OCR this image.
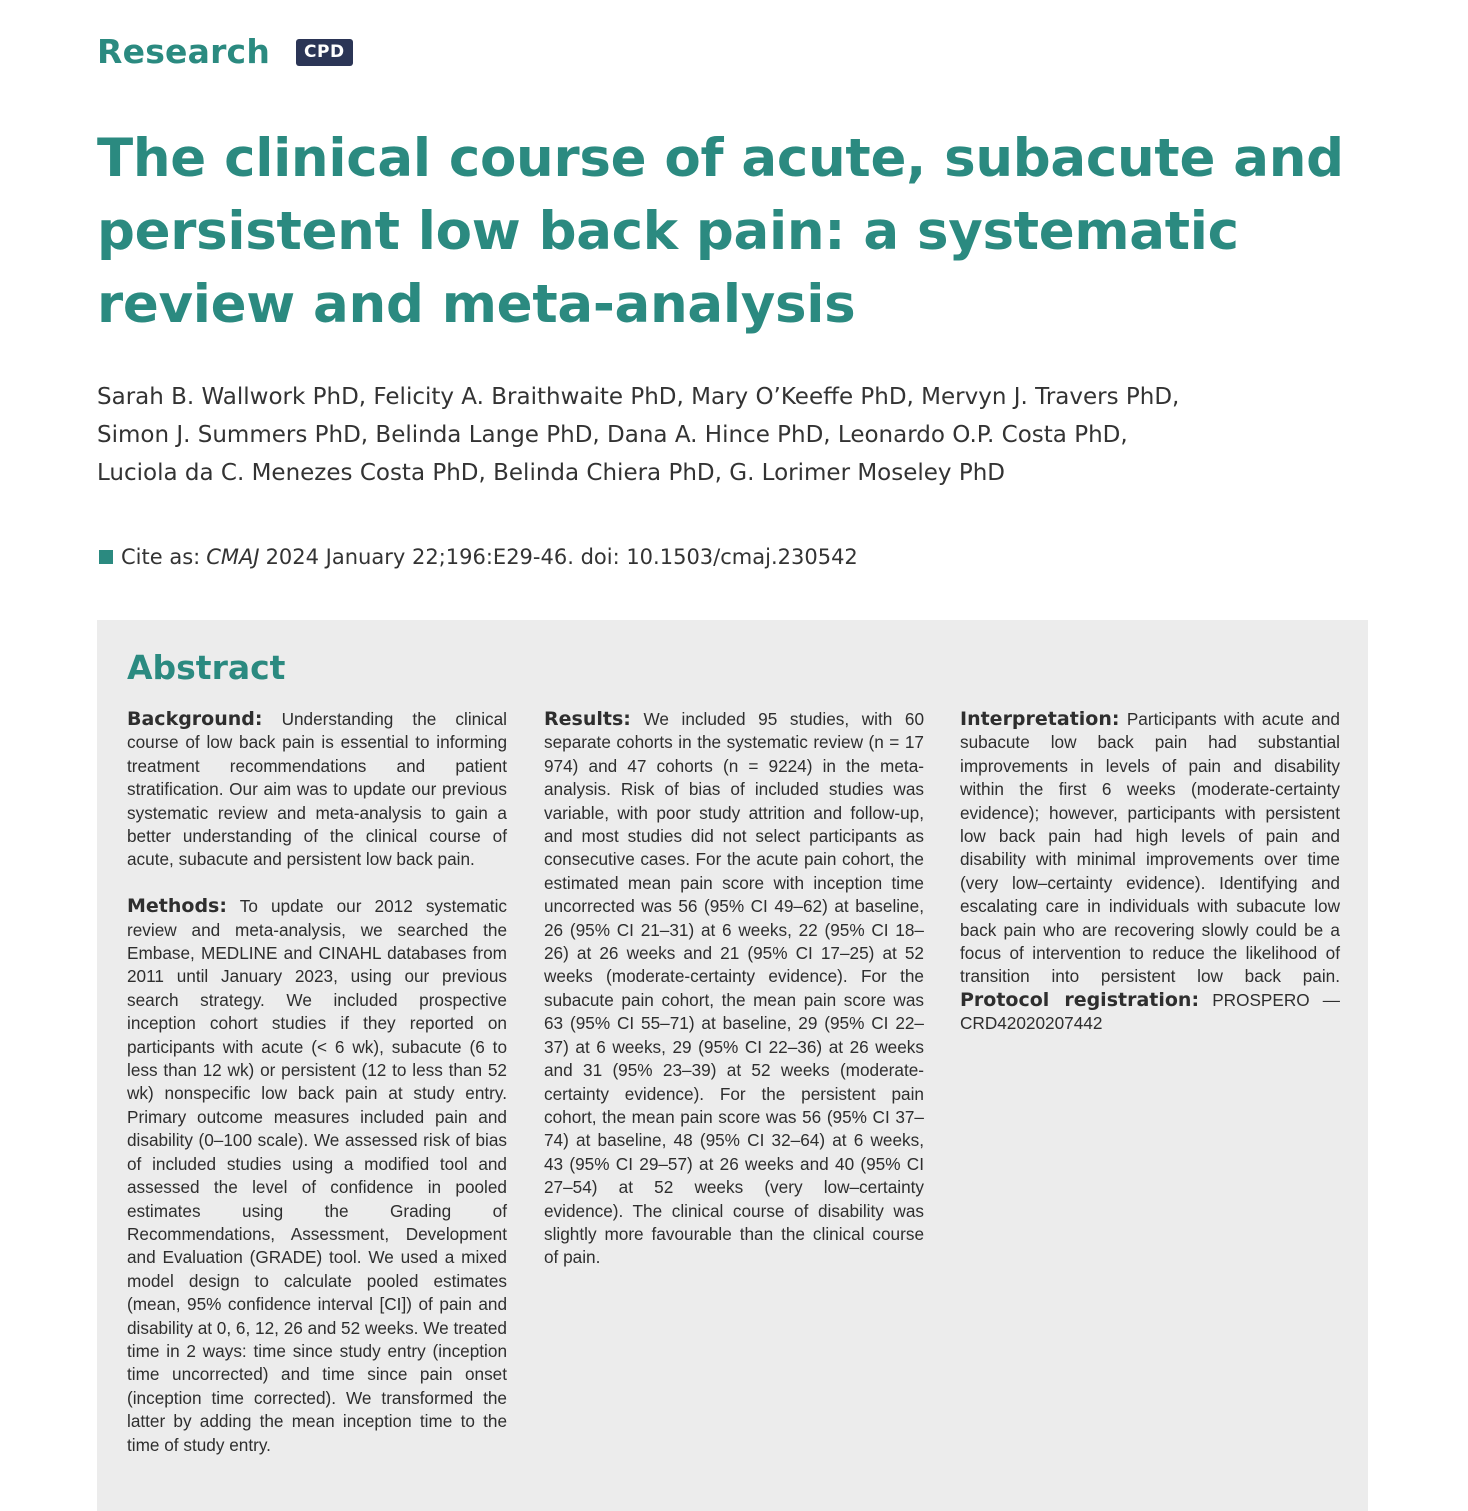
Research	CPD
The clinical course of acute, subacute and persistent low back pain: a systematic review and meta-analysis
Sarah B. Wallwork PhD, Felicity A. Braithwaite PhD, Mary O’Keeffe PhD, Mervyn J. Travers PhD,
Simon J. Summers PhD, Belinda Lange PhD, Dana A. Hince PhD, Leonardo O.P. Costa PhD,
Luciola da C. Menezes Costa PhD, Belinda Chiera PhD, G. Lorimer Moseley PhD
Cite as: CMAJ 2024 January 22;196:E29-46. doi: 10.1503/cmaj.230542
Abstract

Background: Understanding the clinical course of low back pain is essential to informing treatment recommendations and patient stratification. Our aim was to update our previous systematic review and meta-analysis to gain a better understanding of the clinical course of acute, subacute and persistent low back pain.

Methods: To update our 2012 systematic review and meta-analysis, we searched the Embase, MEDLINE and CINAHL databases from 2011 until January 2023, using our previous search strategy. We included prospective inception cohort studies if they reported on participants with acute (< 6 wk), subacute (6 to less than 12 wk) or persistent (12 to less than 52 wk) nonspecific low back pain at study entry. Primary outcome measures included pain and disability (0–100 scale). We assessed risk of bias of included studies using a modified tool and assessed the level of confidence in pooled estimates using the Grading of Recommendations, Assessment, Development and Evaluation (GRADE) tool. We used a mixed model design to calculate pooled estimates (mean, 95% confidence interval [CI]) of pain and disability at 0, 6, 12, 26 and 52 weeks. We treated time in 2 ways: time since study entry (inception time uncorrected) and time since pain onset (inception time corrected). We transformed the latter by adding the mean inception time to the time of study entry.

Results: We included 95 studies, with 60 separate cohorts in the systematic review (n = 17 974) and 47 cohorts (n = 9224) in the meta-analysis. Risk of bias of included studies was variable, with poor study attrition and follow-up, and most studies did not select participants as consecutive cases. For the acute pain cohort, the estimated mean pain score with inception time uncorrected was 56 (95% CI 49–62) at baseline, 26 (95% CI 21–31) at 6 weeks, 22 (95% CI 18–26) at 26 weeks and 21 (95% CI 17–25) at 52 weeks (moderate-certainty evidence). For the subacute pain cohort, the mean pain score was 63 (95% CI 55–71) at baseline, 29 (95% CI 22–37) at 6 weeks, 29 (95% CI 22–36) at 26 weeks and 31 (95% 23–39) at 52 weeks (moderate-certainty evidence). For the persistent pain cohort, the mean pain score was 56 (95% CI 37–74) at baseline, 48 (95% CI 32–64) at 6 weeks, 43 (95% CI 29–57) at 26 weeks and 40 (95% CI 27–54) at 52 weeks (very low–certainty evidence). The clinical course of disability was slightly more favourable than the clinical course of pain.

Interpretation: Participants with acute and subacute low back pain had substantial improvements in levels of pain and disability within the first 6 weeks (moderate-certainty evidence); however, participants with persistent low back pain had high levels of pain and disability with minimal improvements over time (very low–certainty evidence). Identifying and escalating care in individuals with subacute low back pain who are recovering slowly could be a focus of intervention to reduce the likelihood of transition into persistent low back pain. Protocol registration: PROSPERO — CRD42020207442
